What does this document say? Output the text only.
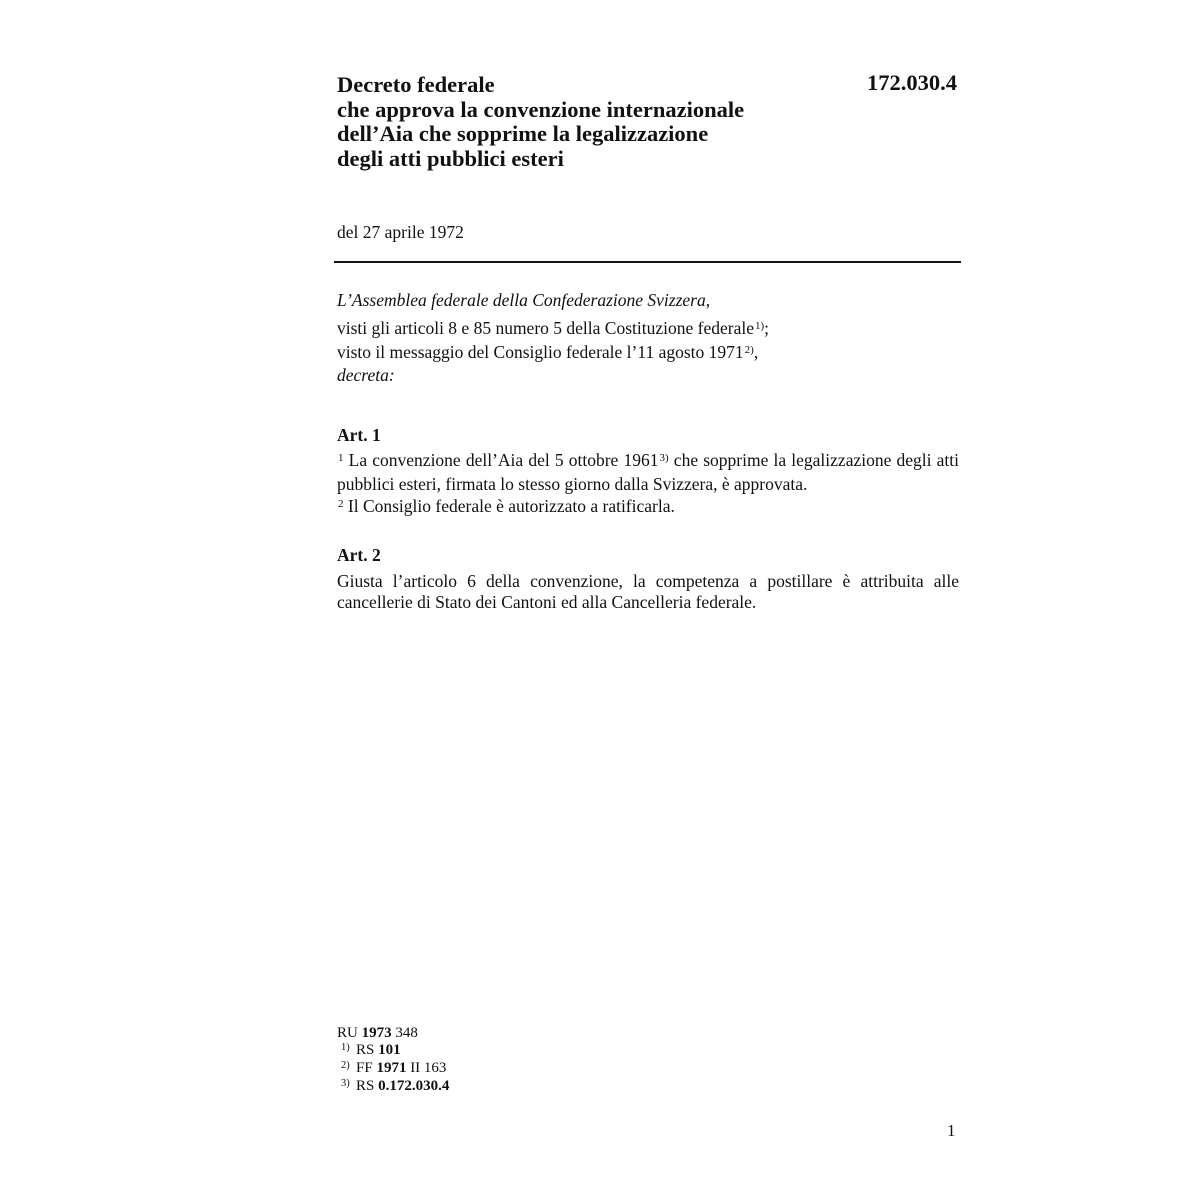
Decreto federale
che approva la convenzione internazionale
dell’Aia che sopprime la legalizzazione
degli atti pubblici esteri
172.030.4
del 27 aprile 1972

L’Assemblea federale della Confederazione Svizzera,

visti gli articoli 8 e 85 numero 5 della Costituzione federale$^{1)}$;

visto il messaggio del Consiglio federale l’11 agosto 1971$^{2)}$,

decreta:

Art. 1

$^1$ La convenzione dell’Aia del 5 ottobre 1961$^{3)}$ che sopprime la legalizzazione degli atti pubblici esteri, firmata lo stesso giorno dalla Svizzera, è approvata.

$^2$ Il Consiglio federale è autorizzato a ratificarla.

Art. 2

Giusta l’articolo 6 della convenzione, la competenza a postillare è attribuita alle cancellerie di Stato dei Cantoni ed alla Cancelleria federale.

RU 1973 348
1) RS 101
2) FF 1971 II 163
3) RS 0.172.030.4
1
